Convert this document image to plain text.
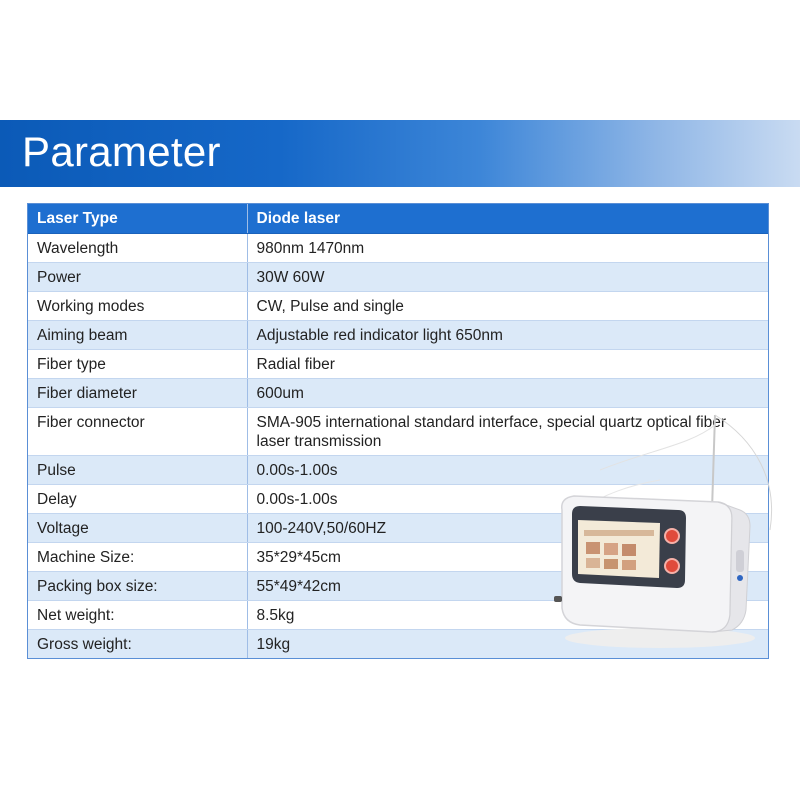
Parameter
Laser Type	Diode laser
Wavelength	980nm 1470nm
Power	30W 60W
Working modes	CW, Pulse and single
Aiming beam	Adjustable red indicator light 650nm
Fiber type	Radial fiber
Fiber diameter	600um
Fiber connector	SMA-905 international standard interface, special quartz optical fiber laser transmission
Pulse	0.00s-1.00s
Delay	0.00s-1.00s
Voltage	100-240V,50/60HZ
Machine Size:	35*29*45cm
Packing box size:	55*49*42cm
Net weight:	8.5kg
Gross weight:	19kg
